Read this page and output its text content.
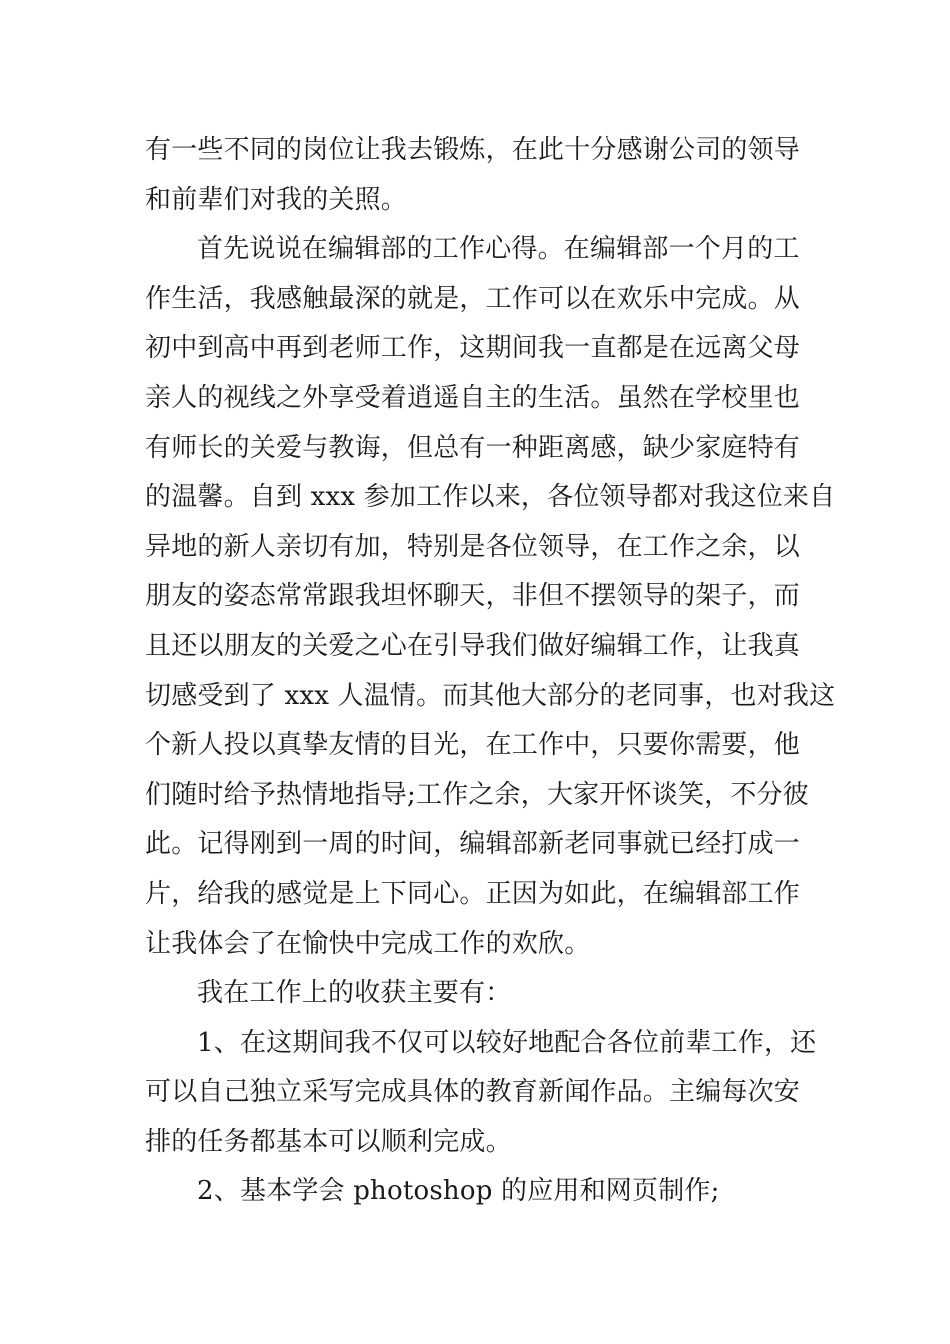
有一些不同的岗位让我去锻炼，在此十分感谢公司的领导
和前辈们对我的关照。
首先说说在编辑部的工作心得。在编辑部一个月的工
作生活，我感触最深的就是，工作可以在欢乐中完成。从
初中到高中再到老师工作，这期间我一直都是在远离父母
亲人的视线之外享受着逍遥自主的生活。虽然在学校里也
有师长的关爱与教诲，但总有一种距离感，缺少家庭特有
的温馨。自到 xxx 参加工作以来，各位领导都对我这位来自
异地的新人亲切有加，特别是各位领导，在工作之余，以
朋友的姿态常常跟我坦怀聊天，非但不摆领导的架子，而
且还以朋友的关爱之心在引导我们做好编辑工作，让我真
切感受到了 xxx 人温情。而其他大部分的老同事，也对我这
个新人投以真挚友情的目光，在工作中，只要你需要，他
们随时给予热情地指导;工作之余，大家开怀谈笑，不分彼
此。记得刚到一周的时间，编辑部新老同事就已经打成一
片，给我的感觉是上下同心。正因为如此，在编辑部工作
让我体会了在愉快中完成工作的欢欣。
我在工作上的收获主要有：
1、在这期间我不仅可以较好地配合各位前辈工作，还
可以自己独立采写完成具体的教育新闻作品。主编每次安
排的任务都基本可以顺利完成。
2、基本学会 photoshop 的应用和网页制作;
